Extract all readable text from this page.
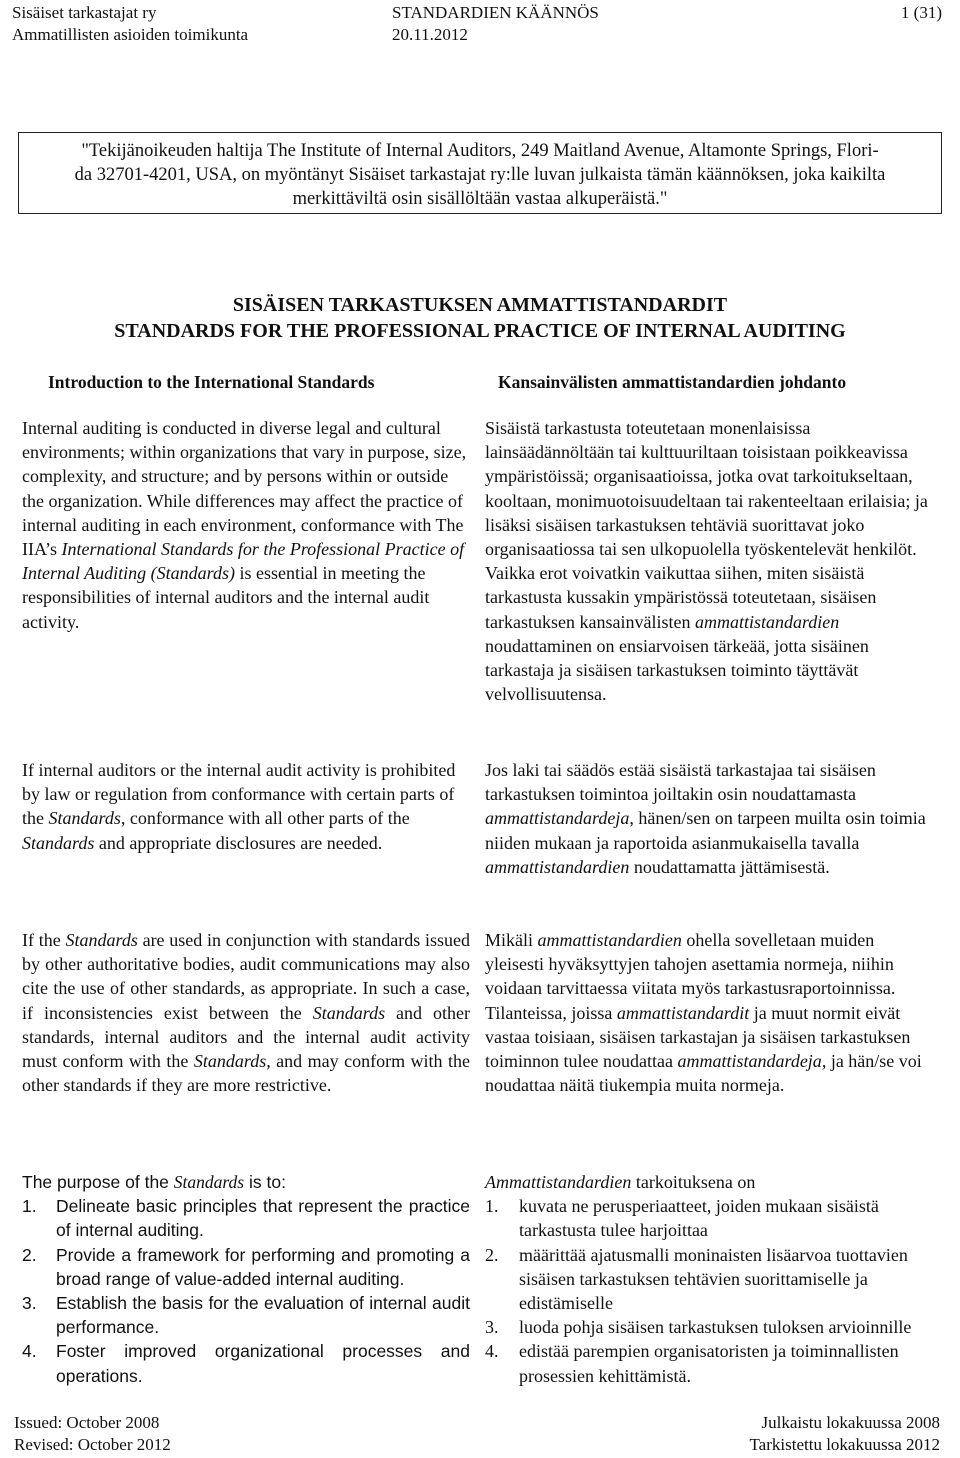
Sisäiset tarkastajat ry
Ammatillisten asioiden toimikunta
STANDARDIEN KÄÄNNÖS
20.11.2012
1 (31)
"Tekijänoikeuden haltija The Institute of Internal Auditors, 249 Maitland Avenue, Altamonte Springs, Flori-
da 32701-4201, USA, on myöntänyt Sisäiset tarkastajat ry:lle luvan julkaista tämän käännöksen, joka kaikilta
merkittäviltä osin sisällöltään vastaa alkuperäistä."
SISÄISEN TARKASTUKSEN AMMATTISTANDARDIT
STANDARDS FOR THE PROFESSIONAL PRACTICE OF INTERNAL AUDITING
Introduction to the International Standards	Kansainvälisten ammattistandardien johdanto

Internal auditing is conducted in diverse legal and cultural environments; within organizations that vary in purpose, size, complexity, and structure; and by persons within or outside the organization. While differences may affect the practice of internal auditing in each environment, conformance with The IIA’s International Standards for the Professional Practice of Internal Auditing (Standards) is essential in meeting the responsibilities of internal auditors and the internal audit activity.

If internal auditors or the internal audit activity is prohibited by law or regulation from conformance with certain parts of the Standards, conformance with all other parts of the Standards and appropriate disclosures are needed.

If the Standards are used in conjunction with standards issued by other authoritative bodies, audit communications may also cite the use of other standards, as appropriate. In such a case, if inconsistencies exist between the Standards and other standards, internal auditors and the internal audit activity must conform with the Standards, and may conform with the other standards if they are more restrictive.

The purpose of the Standards is to:

1. Delineate basic principles that represent the practice of internal auditing.
2. Provide a framework for performing and promoting a broad range of value-added internal auditing.
3. Establish the basis for the evaluation of internal audit performance.
4. Foster improved organizational processes and operations.

Sisäistä tarkastusta toteutetaan monenlaisissa lainsäädännöltään tai kulttuuriltaan toisistaan poikkeavissa ympäristöissä; organisaatioissa, jotka ovat tarkoitukseltaan, kooltaan, monimuotoisuudeltaan tai rakenteeltaan erilaisia; ja lisäksi sisäisen tarkastuksen tehtäviä suorittavat joko organisaatiossa tai sen ulkopuolella työskentelevät henkilöt. Vaikka erot voivatkin vaikuttaa siihen, miten sisäistä tarkastusta kussakin ympäristössä toteutetaan, sisäisen tarkastuksen kansainvälisten ammattistandardien noudattaminen on ensiarvoisen tärkeää, jotta sisäinen tarkastaja ja sisäisen tarkastuksen toiminto täyttävät velvollisuutensa.

Jos laki tai säädös estää sisäistä tarkastajaa tai sisäisen tarkastuksen toimintoa joiltakin osin noudattamasta ammattistandardeja, hänen/sen on tarpeen muilta osin toimia niiden mukaan ja raportoida asianmukaisella tavalla ammattistandardien noudattamatta jättämisestä.

Mikäli ammattistandardien ohella sovelletaan muiden yleisesti hyväksyttyjen tahojen asettamia normeja, niihin voidaan tarvittaessa viitata myös tarkastusraportoinnissa. Tilanteissa, joissa ammattistandardit ja muut normit eivät vastaa toisiaan, sisäisen tarkastajan ja sisäisen tarkastuksen toiminnon tulee noudattaa ammattistandardeja, ja hän/se voi noudattaa näitä tiukempia muita normeja.

Ammattistandardien tarkoituksena on

1. kuvata ne perusperiaatteet, joiden mukaan sisäistä tarkastusta tulee harjoittaa
2. määrittää ajatusmalli moninaisten lisäarvoa tuottavien sisäisen tarkastuksen tehtävien suorittamiselle ja edistämiselle
3. luoda pohja sisäisen tarkastuksen tuloksen arvioinnille
4. edistää parempien organisatoristen ja toiminnallisten prosessien kehittämistä.
Issued: October 2008
Revised: October 2012
Julkaistu lokakuussa 2008
Tarkistettu lokakuussa 2012
